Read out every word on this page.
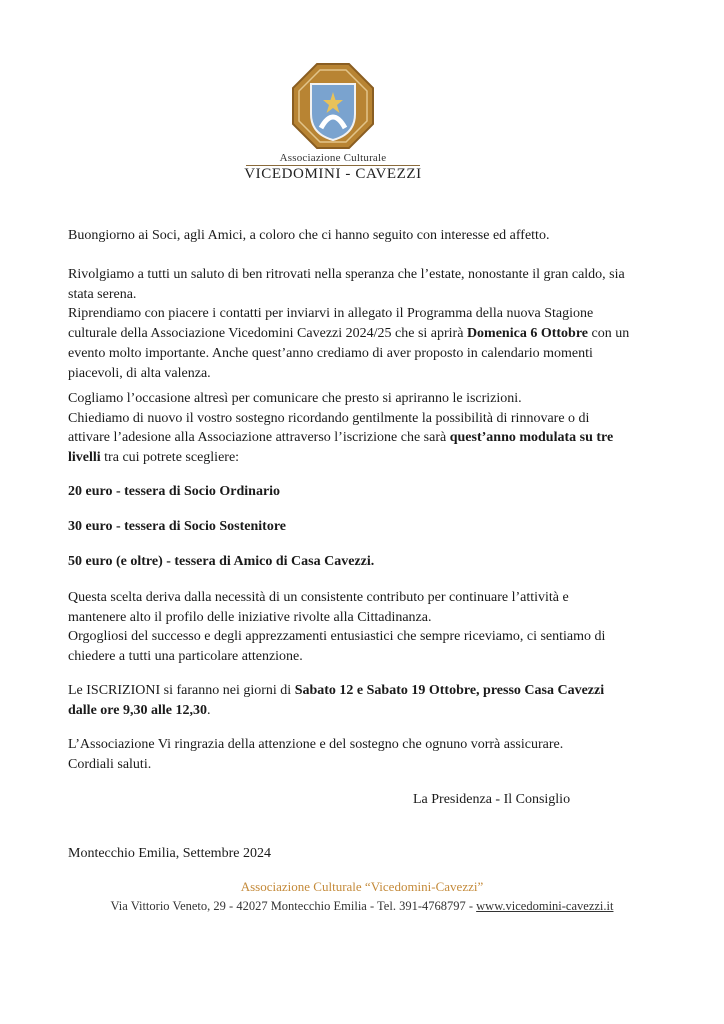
Associazione Culturale
VICEDOMINI - CAVEZZI

Buongiorno ai Soci, agli Amici, a coloro che ci hanno seguito con interesse ed affetto.

Rivolgiamo a tutti un saluto di ben ritrovati nella speranza che l’estate, nonostante il gran caldo, sia

stata serena.

Riprendiamo con piacere i contatti per inviarvi in allegato il Programma della nuova Stagione

culturale della Associazione Vicedomini Cavezzi 2024/25 che si aprirà Domenica 6 Ottobre con un

evento molto importante. Anche quest’anno crediamo di aver proposto in calendario momenti

piacevoli, di alta valenza.

Cogliamo l’occasione altresì per comunicare che presto si apriranno le iscrizioni.

Chiediamo di nuovo il vostro sostegno ricordando gentilmente la possibilità di rinnovare o di

attivare l’adesione alla Associazione attraverso l’iscrizione che sarà quest’anno modulata su tre

livelli tra cui potrete scegliere:

20 euro - tessera di Socio Ordinario
30 euro - tessera di Socio Sostenitore
50 euro (e oltre) - tessera di Amico di Casa Cavezzi.

Questa scelta deriva dalla necessità di un consistente contributo per continuare l’attività e

mantenere alto il profilo delle iniziative rivolte alla Cittadinanza.

Orgogliosi del successo e degli apprezzamenti entusiastici che sempre riceviamo, ci sentiamo di

chiedere a tutti una particolare attenzione.

Le ISCRIZIONI si faranno nei giorni di Sabato 12 e Sabato 19 Ottobre, presso Casa Cavezzi

dalle ore 9,30 alle 12,30.

L’Associazione Vi ringrazia della attenzione e del sostegno che ognuno vorrà assicurare.

Cordiali saluti.

La Presidenza - Il Consiglio
Montecchio Emilia, Settembre 2024
Associazione Culturale “Vicedomini-Cavezzi”
Via Vittorio Veneto, 29 - 42027 Montecchio Emilia - Tel. 391-4768797 - www.vicedomini-cavezzi.it
